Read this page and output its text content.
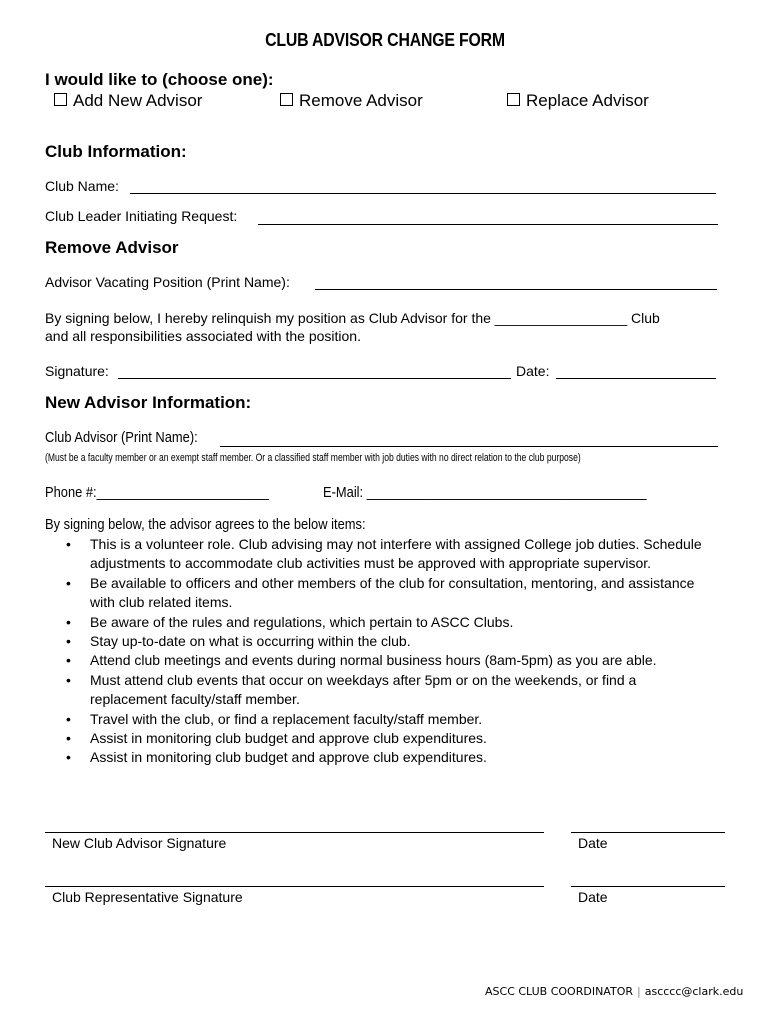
CLUB ADVISOR CHANGE FORM
I would like to (choose one):
Add New Advisor	Remove Advisor	Replace Advisor
Club Information:
Club Name:
Club Leader Initiating Request:
Remove Advisor
Advisor Vacating Position (Print Name):
By signing below, I hereby relinquish my position as Club Advisor for the _________________ Club
and all responsibilities associated with the position.
Signature:	Date:
New Advisor Information:
Club Advisor (Print Name):
(Must be a faculty member or an exempt staff member. Or a classified staff member with job duties with no direct relation to the club purpose)
Phone #:________________________	E-Mail: _______________________________________
By signing below, the advisor agrees to the below items:
• This is a volunteer role. Club advising may not interfere with assigned College job duties. Schedule adjustments to accommodate club activities must be approved with appropriate supervisor.
• Be available to officers and other members of the club for consultation, mentoring, and assistance with club related items.
• Be aware of the rules and regulations, which pertain to ASCC Clubs.
• Stay up-to-date on what is occurring within the club.
• Attend club meetings and events during normal business hours (8am-5pm) as you are able.
• Must attend club events that occur on weekdays after 5pm or on the weekends, or find a replacement faculty/staff member.
• Travel with the club, or find a replacement faculty/staff member.
• Assist in monitoring club budget and approve club expenditures.
• Assist in monitoring club budget and approve club expenditures.
New Club Advisor Signature	Date
Club Representative Signature	Date
ASCC CLUB COORDINATOR | ascccc@clark.edu
